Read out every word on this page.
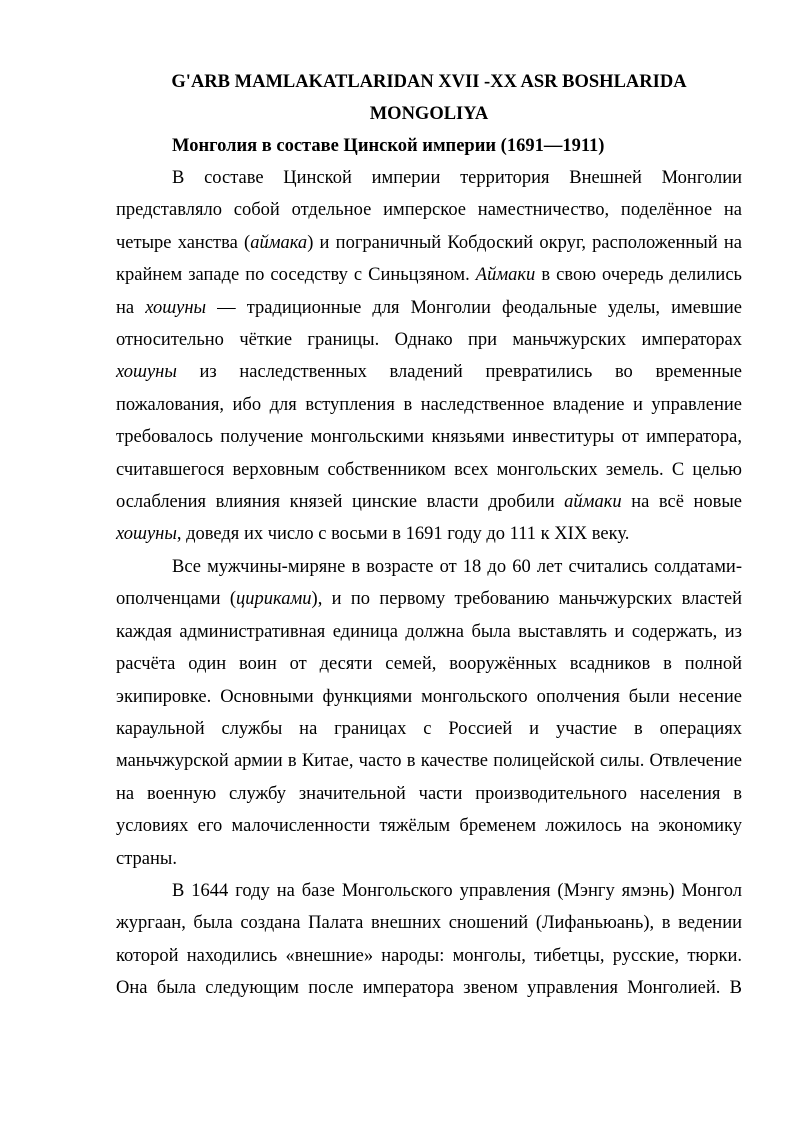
G'ARB MAMLAKATLARIDAN XVII -XX ASR BOSHLARIDA
MONGOLIYA

Монголия в составе Цинской империи (1691—1911)

В составе Цинской империи территория Внешней Монголии представляло собой отдельное имперское наместничество, поделённое на четыре ханства (аймака) и пограничный Кобдоский округ, расположенный на крайнем западе по соседству с Синьцзяном. Аймаки в свою очередь делились на хошуны — традиционные для Монголии феодальные уделы, имевшие относительно чёткие границы. Однако при маньчжурских императорах хошуны из наследственных владений превратились во временные пожалования, ибо для вступления в наследственное владение и управление требовалось получение монгольскими князьями инвеституры от императора, считавшегося верховным собственником всех монгольских земель. С целью ослабления влияния князей цинские власти дробили аймаки на всё новые хошуны, доведя их число с восьми в 1691 году до 111 к XIX веку.

Все мужчины-миряне в возрасте от 18 до 60 лет считались солдатами-ополченцами (цириками), и по первому требованию маньчжурских властей каждая административная единица должна была выставлять и содержать, из расчёта один воин от десяти семей, вооружённых всадников в полной экипировке. Основными функциями монгольского ополчения были несение караульной службы на границах с Россией и участие в операциях маньчжурской армии в Китае, часто в качестве полицейской силы. Отвлечение на военную службу значительной части производительного населения в условиях его малочисленности тяжёлым бременем ложилось на экономику страны.

В 1644 году на базе Монгольского управления (Мэнгу ямэнь) Монгол жургаан, была создана Палата внешних сношений (Лифаньюань), в ведении которой находились «внешние» народы: монголы, тибетцы, русские, тюрки. Она была следующим после императора звеном управления Монголией. В
